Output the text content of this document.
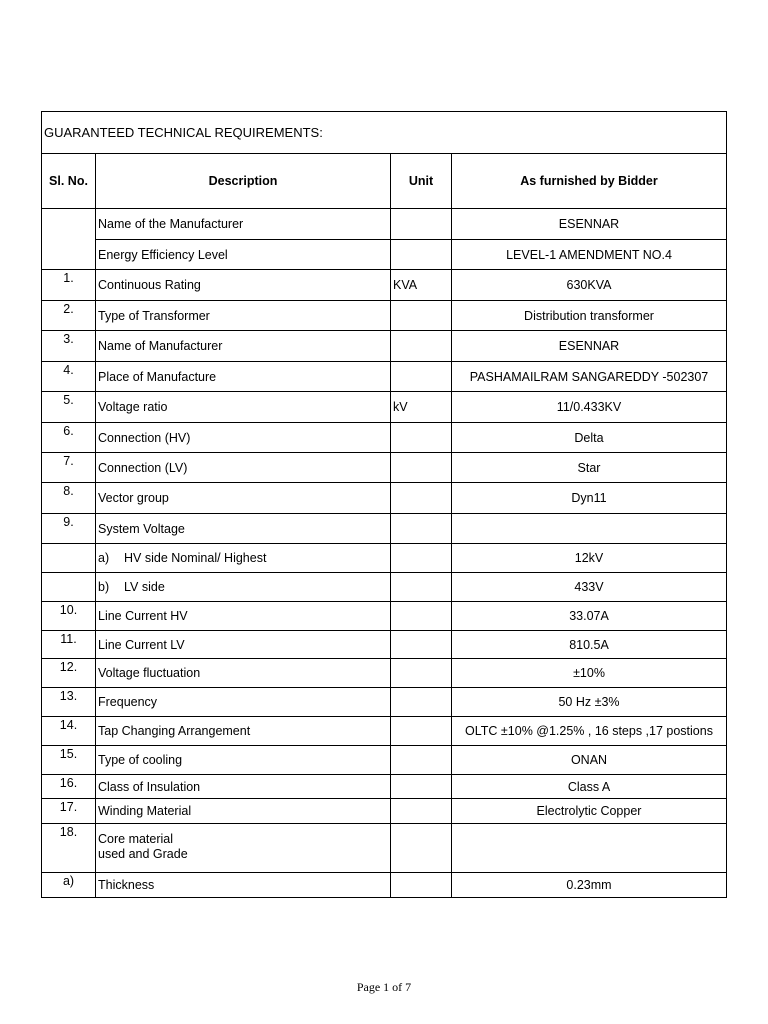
GUARANTEED TECHNICAL REQUIREMENTS:			
Sl. No.	Description	Unit	As furnished by Bidder
	Name of the Manufacturer		ESENNAR
	Energy Efficiency Level		LEVEL-1 AMENDMENT NO.4
1.	Continuous Rating	KVA	630KVA
2.	Type of Transformer		Distribution transformer
3.	Name of Manufacturer		ESENNAR
4.	Place of Manufacture		PASHAMAILRAM SANGAREDDY -502307
5.	Voltage ratio	kV	11/0.433KV
6.	Connection (HV)		Delta
7.	Connection (LV)		Star
8.	Vector group		Dyn11
9.	System Voltage		
	a) HV side Nominal/ Highest		12kV
	b) LV side		433V
10.	Line Current HV		33.07A
11.	Line Current LV		810.5A
12.	Voltage fluctuation		±10%
13.	Frequency		50 Hz ±3%
14.	Tap Changing Arrangement		OLTC ±10% @1.25% , 16 steps ,17 postions
15.	Type of cooling		ONAN
16.	Class of Insulation		Class A
17.	Winding Material		Electrolytic Copper
18.	Core material
used and Grade		

a)	Thickness		0.23mm
Page 1 of 7
